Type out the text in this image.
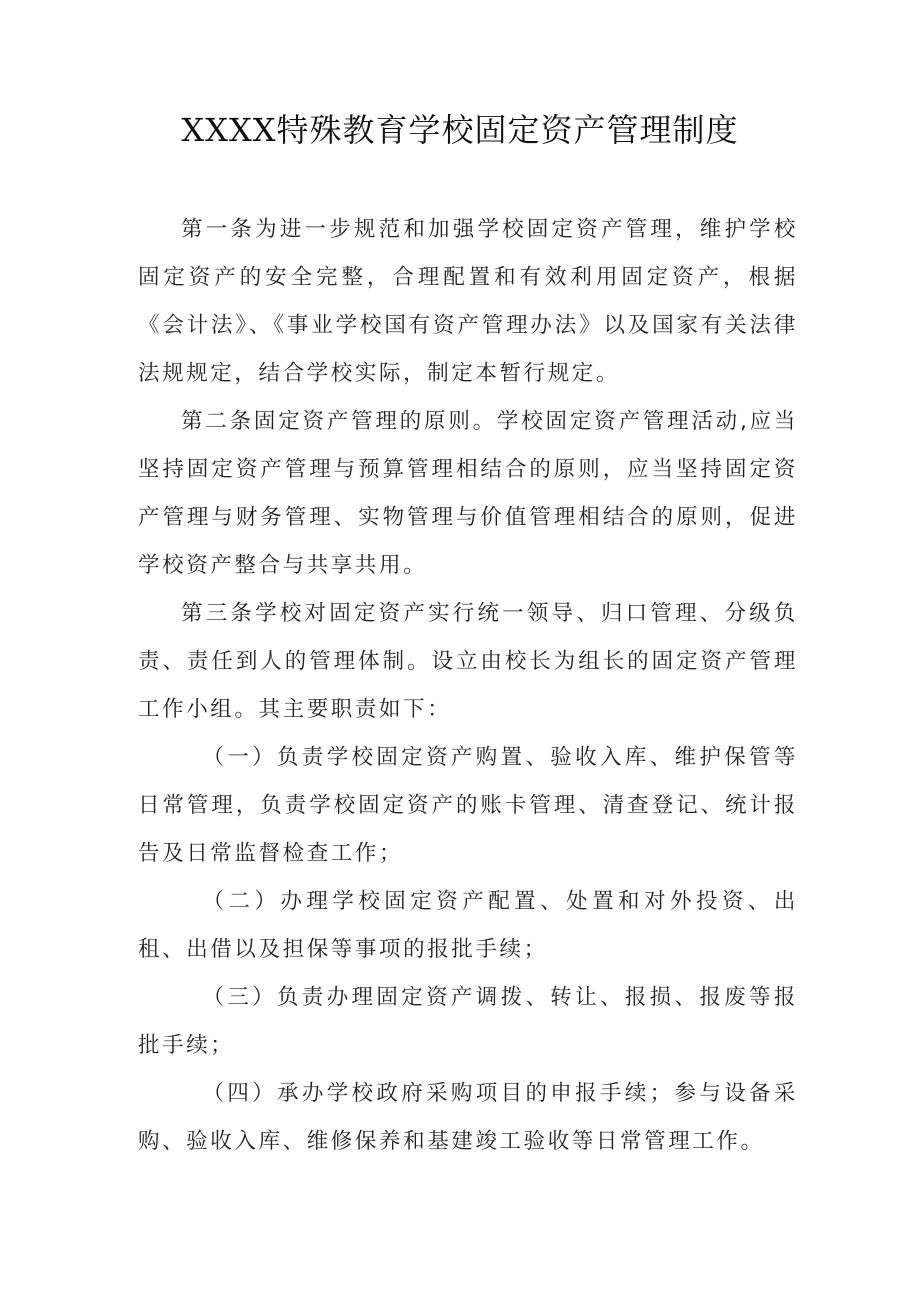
XXXX特殊教育学校固定资产管理制度

第一条为进一步规范和加强学校固定资产管理，维护学校固定资产的安全完整，合理配置和有效利用固定资产，根据《会计法》、《事业学校国有资产管理办法》以及国家有关法律法规规定，结合学校实际，制定本暂行规定。

第二条固定资产管理的原则。学校固定资产管理活动,应当坚持固定资产管理与预算管理相结合的原则，应当坚持固定资产管理与财务管理、实物管理与价值管理相结合的原则，促进学校资产整合与共享共用。

第三条学校对固定资产实行统一领导、归口管理、分级负责、责任到人的管理体制。设立由校长为组长的固定资产管理工作小组。其主要职责如下：

（一）负责学校固定资产购置、验收入库、维护保管等日常管理，负责学校固定资产的账卡管理、清查登记、统计报告及日常监督检查工作；

（二）办理学校固定资产配置、处置和对外投资、出租、出借以及担保等事项的报批手续；

（三）负责办理固定资产调拨、转让、报损、报废等报批手续；

（四）承办学校政府采购项目的申报手续；参与设备采购、验收入库、维修保养和基建竣工验收等日常管理工作。
